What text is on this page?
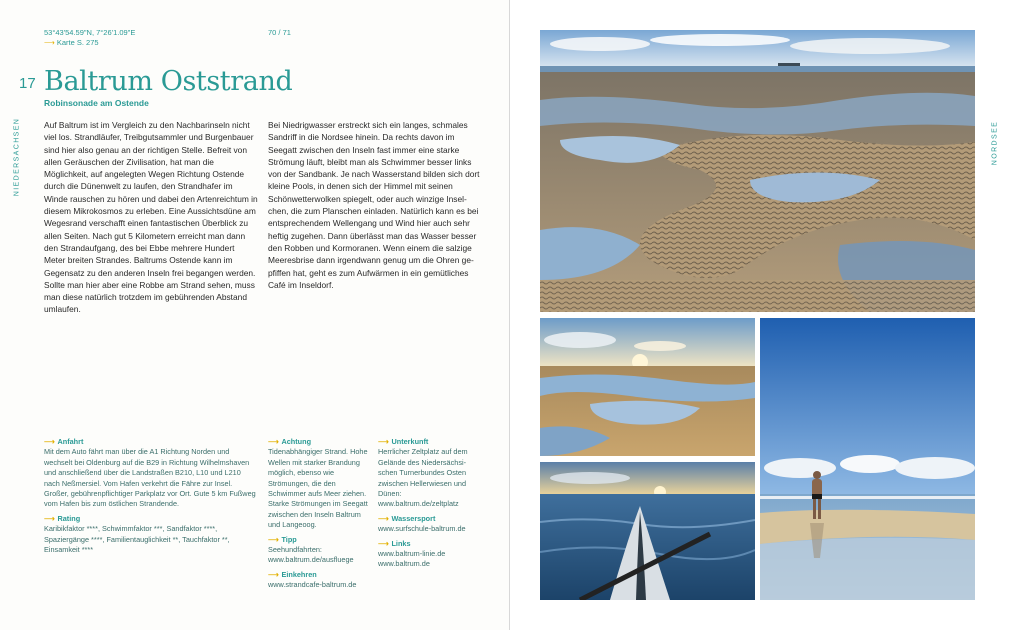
53°43'54.59"N, 7°26'1.09"E
⟶ Karte S. 275
70 / 71
17 Baltrum Oststrand
Robinsonade am Ostende
NIEDERSACHSEN	NORDSEE
Auf Baltrum ist im Vergleich zu den Nachbarinseln nicht viel los. Strandläufer, Treibgutsammler und Burgenbauer sind hier also genau an der richtigen Stelle. Befreit von allen Geräuschen der Zivilisation, hat man die Möglichkeit, auf angelegten Wegen Richtung Ostende durch die Dünenwelt zu laufen, den Strandhafer im Winde rauschen zu hören und dabei den Artenreichtum in diesem Mikrokosmos zu erleben. Eine Aussichtsdüne am Wegesrand verschafft einen fantastischen Überblick zu allen Seiten. Nach gut 5 Kilometern erreicht man dann den Strandaufgang, des bei Ebbe mehrere Hundert Meter breiten Strandes. Baltrums Ostende kann im Gegensatz zu den anderen Inseln frei begangen werden. Sollte man hier aber eine Robbe am Strand sehen, muss man diese natürlich trotzdem im gebührenden Abstand umlaufen.
Bei Niedrigwasser erstreckt sich ein langes, schmales Sandriff in die Nordsee hinein. Da rechts davon im Seegatt zwischen den Inseln fast immer eine starke Strömung läuft, bleibt man als Schwimmer besser links von der Sandbank. Je nach Wasserstand bilden sich dort kleine Pools, in denen sich der Himmel mit seinen Schönwetterwolken spiegelt, oder auch winzige Inselchen, die zum Planschen einladen. Natürlich kann es bei entsprechendem Wellengang und Wind hier auch sehr heftig zugehen. Dann überlässt man das Wasser besser den Robben und Kormoranen. Wenn einem die salzige Meeresbrise dann irgendwann genug um die Ohren gepfiffen hat, geht es zum Aufwärmen in ein gemütliches Café im Inseldorf.
⟶ Anfahrt
Mit dem Auto fährt man über die A1 Richtung Norden und wechselt bei Oldenburg auf die B29 in Richtung Wilhelmshaven und anschließend über die Landstraßen B210, L10 und L210 nach Neßmersiel. Vom Hafen verkehrt die Fähre zur Insel. Großer, gebührenpflichtiger Parkplatz vor Ort. Gute 5 km Fußweg vom Hafen bis zum östlichen Strandende.
⟶ Rating
Karibikfaktor ****, Schwimmfaktor ***, Sandfaktor ****, Spaziergänge ****, Familientauglichkeit **, Tauchfaktor **, Einsamkeit ****
⟶ Achtung
Tidenabhängiger Strand. Hohe Wellen mit starker Brandung möglich, ebenso wie Strömungen, die den Schwimmer aufs Meer ziehen. Starke Strömungen im Seegatt zwischen den Inseln Baltrum und Langeoog.
⟶ Tipp
Seehundfahrten: www.baltrum.de/ausfluege
⟶ Einkehren
www.strandcafe-baltrum.de
⟶ Unterkunft
Herrlicher Zeltplatz auf dem Gelände des Niedersächsischen Turnerbundes Osten zwischen Hellerwiesen und Dünen: www.baltrum.de/zeltplatz
⟶ Wassersport
www.surfschule-baltrum.de
⟶ Links
www.baltrum-linie.de
www.baltrum.de
